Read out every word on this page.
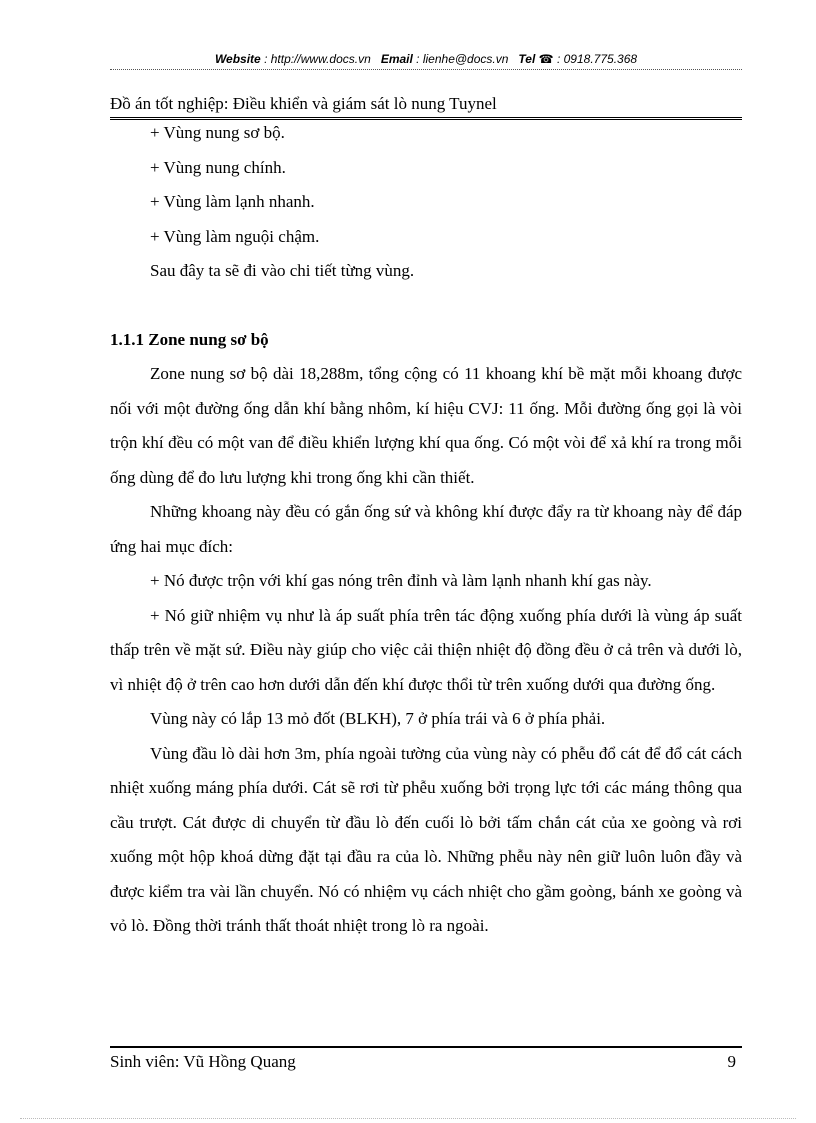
Website : http://www.docs.vn Email : lienhe@docs.vn Tel ☎ : 0918.775.368
Đồ án tốt nghiệp: Điều khiển và giám sát lò nung Tuynel

+ Vùng nung sơ bộ.

+ Vùng nung chính.

+ Vùng làm lạnh nhanh.

+ Vùng làm nguội chậm.

Sau đây ta sẽ đi vào chi tiết từng vùng.

1.1.1 Zone nung sơ bộ

Zone nung sơ bộ dài 18,288m, tổng cộng có 11 khoang khí bề mặt mỗi khoang được nối với một đường ống dẫn khí bằng nhôm, kí hiệu CVJ: 11 ống. Mỗi đường ống gọi là vòi trộn khí đều có một van để điều khiển lượng khí qua ống. Có một vòi để xả khí ra trong mỗi ống dùng để đo lưu lượng khi trong ống khi cần thiết.

Những khoang này đều có gắn ống sứ và không khí được đẩy ra từ khoang này để đáp ứng hai mục đích:

+ Nó được trộn với khí gas nóng trên đỉnh và làm lạnh nhanh khí gas này.

+ Nó giữ nhiệm vụ như là áp suất phía trên tác động xuống phía dưới là vùng áp suất thấp trên về mặt sứ. Điều này giúp cho việc cải thiện nhiệt độ đồng đều ở cả trên và dưới lò, vì nhiệt độ ở trên cao hơn dưới dẫn đến khí được thổi từ trên xuống dưới qua đường ống.

Vùng này có lắp 13 mỏ đốt (BLKH), 7 ở phía trái và 6 ở phía phải.

Vùng đầu lò dài hơn 3m, phía ngoài tường của vùng này có phễu đổ cát để đổ cát cách nhiệt xuống máng phía dưới. Cát sẽ rơi từ phễu xuống bởi trọng lực tới các máng thông qua cầu trượt. Cát được di chuyển từ đầu lò đến cuối lò bởi tấm chắn cát của xe goòng và rơi xuống một hộp khoá dừng đặt tại đầu ra của lò. Những phễu này nên giữ luôn luôn đầy và được kiểm tra vài lần chuyển. Nó có nhiệm vụ cách nhiệt cho gầm goòng, bánh xe goòng và vỏ lò. Đồng thời tránh thất thoát nhiệt trong lò ra ngoài.

Sinh viên: Vũ Hồng Quang	9
